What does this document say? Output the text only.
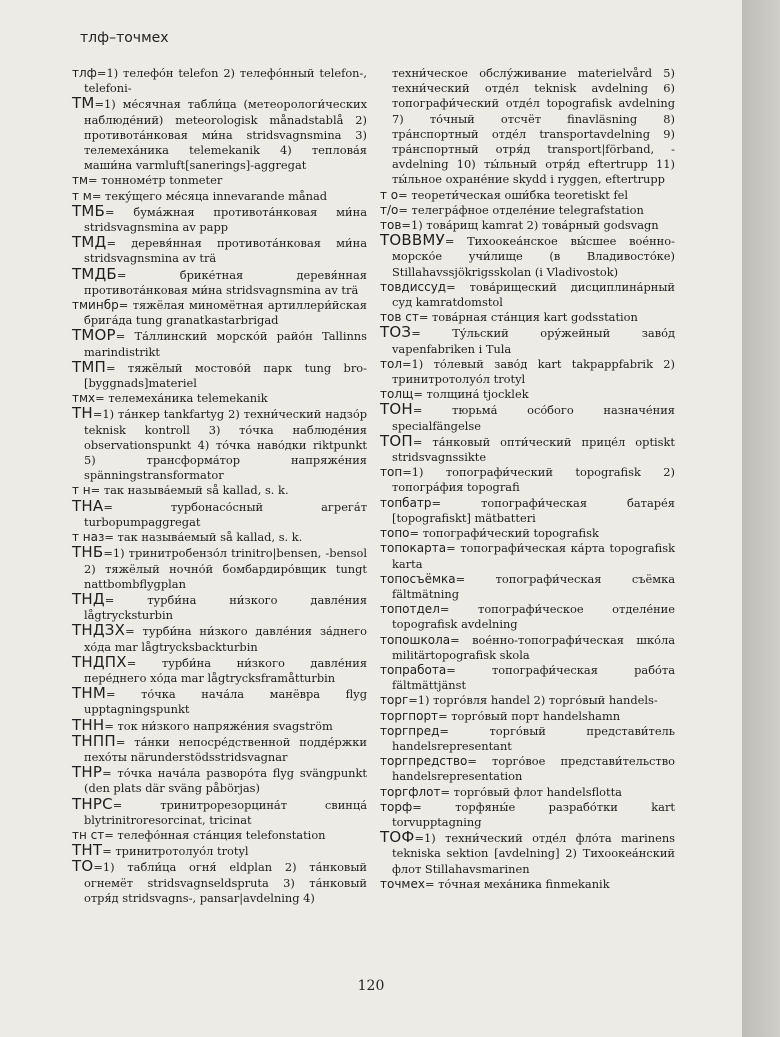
тлф–точмех

тлф=1) телефо́н telefon 2) телефо́нный telefon-, telefoni-

ТМ=1) ме́сячная табли́ца (метеорологи́ческих наблюде́ний) meteorologisk månadstablå 2) противота́нковая ми́на stridsvagnsmina 3) телемеха́ника telemekanik 4) теплова́я маши́на varmluft[sanerings]-aggregat

тм= тонноме́тр tonmeter

т м= теку́щего ме́сяца innevarande månad

ТМБ= бума́жная противота́нковая ми́на stridsvagnsmina av papp

ТМД= деревя́нная противота́нковая ми́на stridsvagnsmina av trä

ТМДБ= брике́тная деревя́нная противота́нковая ми́на stridsvagnsmina av trä

тминбр= тяжёлая миномётная артиллери́йская брига́да tung granatkastarbrigad

ТМОР= Та́ллинский морско́й райо́н Tallinns marindistrikt

ТМП= тяжёлый мостово́й парк tung bro-[byggnads]materiel

тмх= телемеха́ника telemekanik

ТН=1) та́нкер tankfartyg 2) техни́ческий надзо́р teknisk kontroll 3) то́чка наблюде́ния observationspunkt 4) то́чка наво́дки riktpunkt 5) трансформа́тор напряже́ния spänningstransformator

т н= так называ́емый så kallad, s. k.

ТНА= турбонасо́сный агрега́т turbopumpaggregat

т наз= так называ́емый så kallad, s. k.

ТНБ=1) тринитробензо́л trinitro|bensen, -bensol 2) тяжёлый ночно́й бомбардиро́вщик tungt nattbombflygplan

ТНД= турби́на ни́зкого давле́ния lågtrycksturbin

ТНДЗХ= турби́на ни́зкого давле́ния за́днего хо́да mar lågtrycksbackturbin

ТНДПХ= турби́на ни́зкого давле́ния пере́днего хо́да mar lågtrycksframåtturbin

ТНМ= то́чка нача́ла манёвра flyg upptagningspunkt

ТНН= ток ни́зкого напряже́ния svagström

ТНПП= та́нки непосре́дственной подде́ржки пехо́ты närunderstödsstridsvagnar

ТНР= то́чка нача́ла разворо́та flyg svängpunkt (den plats där sväng påbörjas)

ТНРС= тринитрорезорцина́т свинца́ blytrinitroresorcinat, tricinat

тн ст= телефо́нная ста́нция telefonstation

ТНТ= тринитротолуо́л trotyl

ТО=1) табли́ца огня́ eldplan 2) та́нковый огнемёт stridsvagnseldspruta 3) та́нковый отря́д stridsvagns-, pansar|avdelning 4)

техни́ческое обслу́живание materielvård 5) техни́ческий отде́л teknisk avdelning 6) топографи́ческий отде́л topografisk avdelning 7) то́чный отсчёт finavläsning 8) тра́нспортный отде́л transportavdelning 9) тра́нспортный отря́д transport|förband, -avdelning 10) ты́льный отря́д eftertrupp 11) ты́льное охране́ние skydd i ryggen, eftertrupp

т о= теорети́ческая оши́бка teoretiskt fel

т/о= телегра́фное отделе́ние telegrafstation

тов=1) това́рищ kamrat 2) това́рный godsvagn

ТОВВМУ= Тихоокеа́нское вы́сшее вое́нно-морско́е учи́лище (в Владивосто́ке) Stillahavssjökrigsskolan (i Vladivostok)

товдиссуд= това́рищеский дисциплина́рный суд kamratdomstol

тов ст= това́рная ста́нция kart godsstation

ТОЗ= Ту́льский ору́жейный заво́д vapenfabriken i Tula

тол=1) то́левый заво́д kart takpappfabrik 2) тринитротолуо́л trotyl

толщ= толщина́ tjocklek

ТОН= тюрьма́ осо́бого назначе́ния specialfängelse

ТОП= та́нковый опти́ческий прице́л optiskt stridsvagnssikte

топ=1) топографи́ческий topografisk 2) топогра́фия topografi

топбатр= топографи́ческая батаре́я [topografiskt] mätbatteri

топо= топографи́ческий topografisk

топокарта= топографи́ческая ка́рта topografisk karta

топосъёмка= топографи́ческая съёмка fältmätning

топотдел= топографи́ческое отделе́ние topografisk avdelning

топошкола= вое́нно-топографи́ческая шко́ла militärtopografisk skola

топработа= топографи́ческая рабо́та fältmättjänst

торг=1) торго́вля handel 2) торго́вый handels-

торгпорт= торго́вый порт handelshamn

торгпред= торго́вый представи́тель handelsrepresentant

торгпредство= торго́вое представи́тельство handelsrepresentation

торгфлот= торго́вый флот handelsflotta

торф= торфяны́е разрабо́тки kart torvupptagning

ТОФ=1) техни́ческий отде́л фло́та marinens tekniska sektion [avdelning] 2) Тихоокеа́нский флот Stillahavsmarinen

точмех= то́чная меха́ника finmekanik

120
